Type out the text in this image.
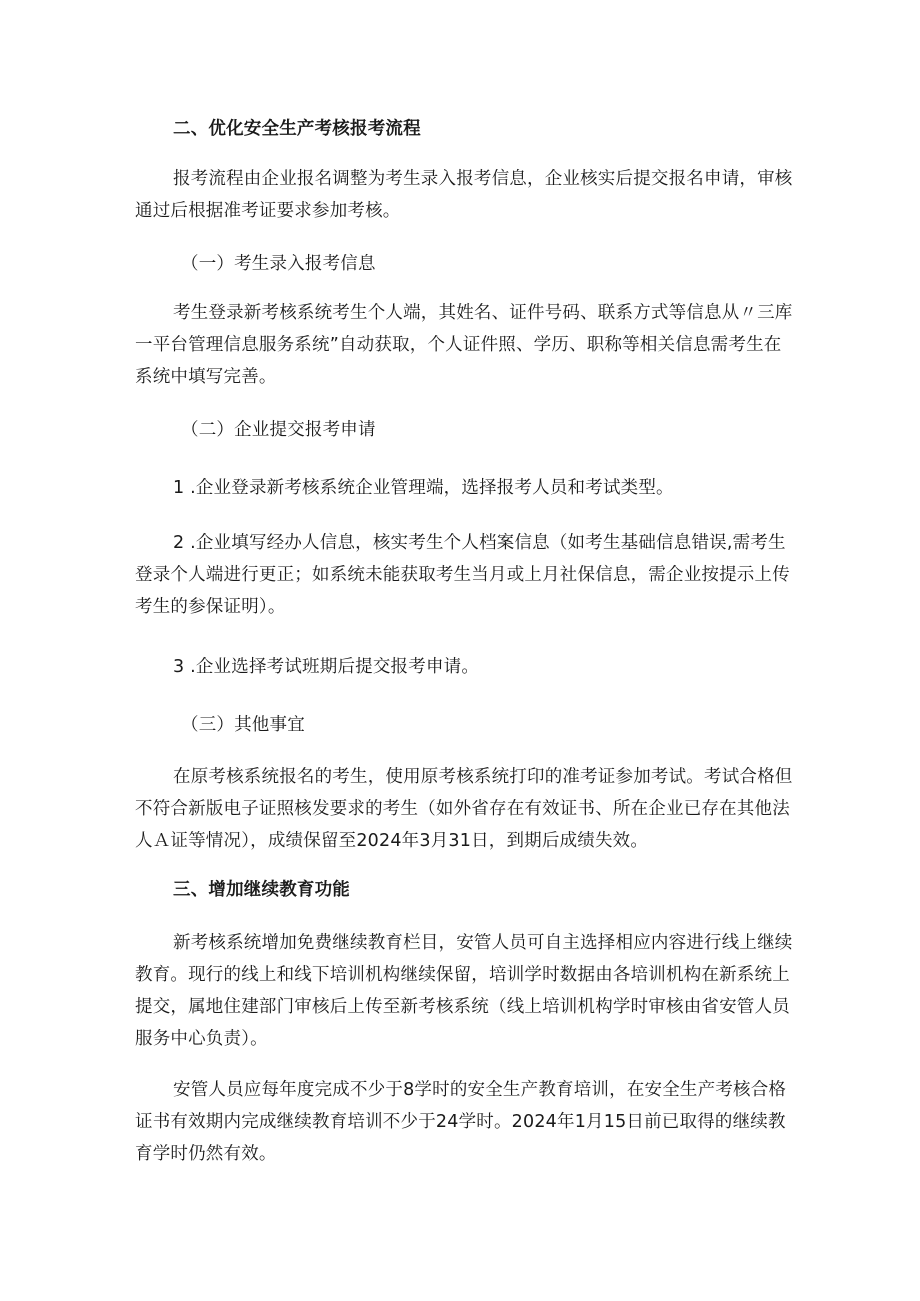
二、优化安全生产考核报考流程

报考流程由企业报名调整为考生录入报考信息，企业核实后提交报名申请，审核通过后根据准考证要求参加考核。

（一）考生录入报考信息

考生登录新考核系统考生个人端，其姓名、证件号码、联系方式等信息从〃三库一平台管理信息服务系统”自动获取，个人证件照、学历、职称等相关信息需考生在系统中填写完善。

（二）企业提交报考申请

1 .企业登录新考核系统企业管理端，选择报考人员和考试类型。

2 .企业填写经办人信息，核实考生个人档案信息（如考生基础信息错误,需考生登录个人端进行更正；如系统未能获取考生当月或上月社保信息，需企业按提示上传考生的参保证明）。

3 .企业选择考试班期后提交报考申请。

（三）其他事宜

在原考核系统报名的考生，使用原考核系统打印的准考证参加考试。考试合格但不符合新版电子证照核发要求的考生（如外省存在有效证书、所在企业已存在其他法人Ａ证等情况），成绩保留至2024年3月31日，到期后成绩失效。

三、增加继续教育功能

新考核系统增加免费继续教育栏目，安管人员可自主选择相应内容进行线上继续教育。现行的线上和线下培训机构继续保留，培训学时数据由各培训机构在新系统上提交，属地住建部门审核后上传至新考核系统（线上培训机构学时审核由省安管人员服务中心负责）。

安管人员应每年度完成不少于8学时的安全生产教育培训，在安全生产考核合格证书有效期内完成继续教育培训不少于24学时。2024年1月15日前已取得的继续教育学时仍然有效。
